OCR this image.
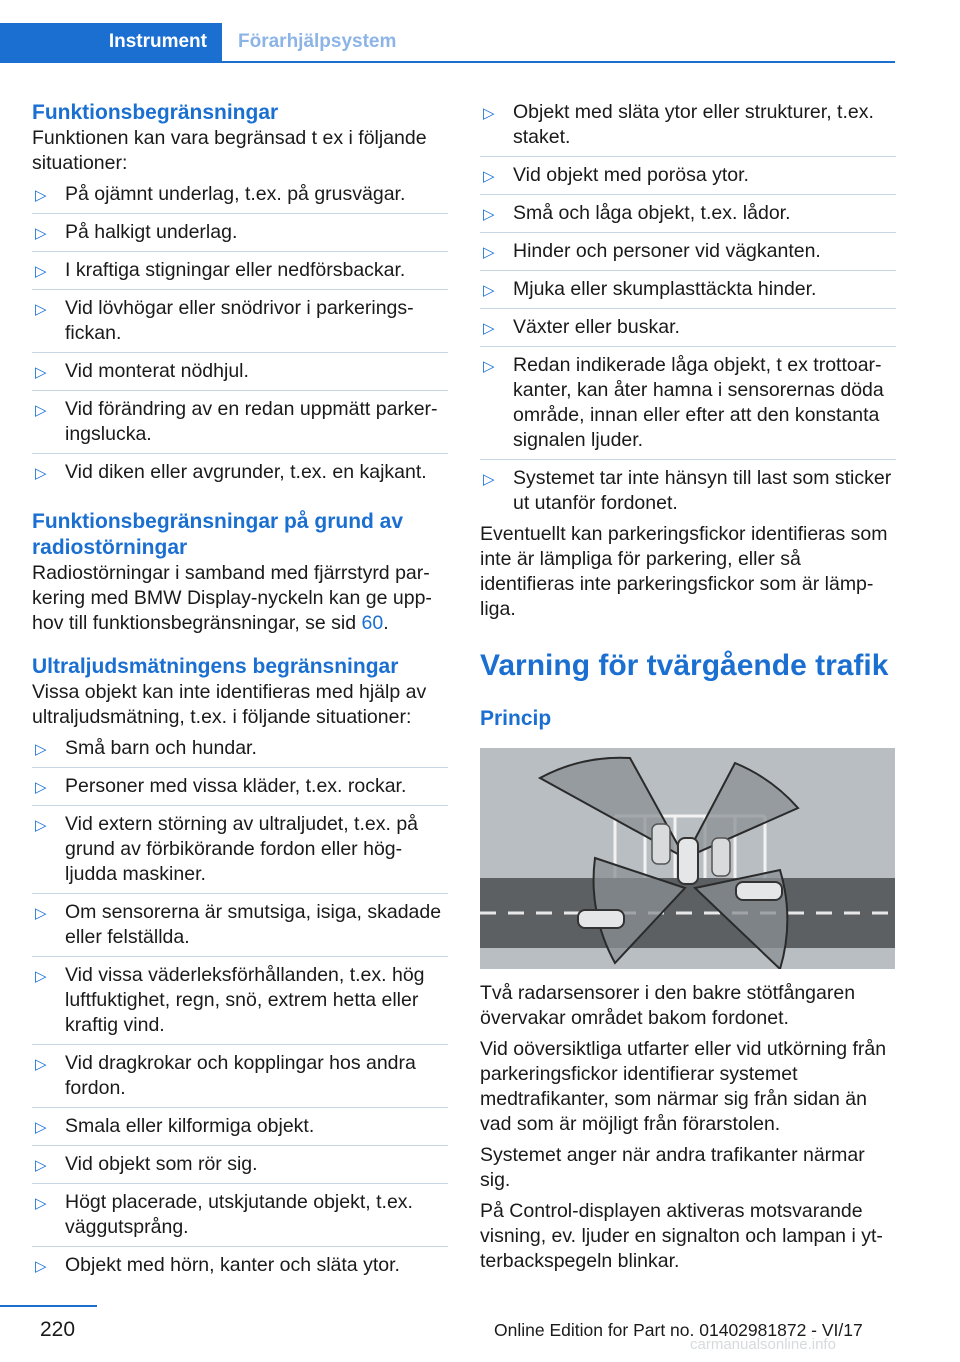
Instrument	Förarhjälpsystem
Funktionsbegränsningar

Funktionen kan vara begränsad t ex i följande situationer:

▷ På ojämnt underlag, t.ex. på grusvägar.
▷ På halkigt underlag.
▷ I kraftiga stigningar eller nedförsbackar.
▷ Vid lövhögar eller snödrivor i parkerings‐fickan.
▷ Vid monterat nödhjul.
▷ Vid förändring av en redan uppmätt parker‐ingslucka.
▷ Vid diken eller avgrunder, t.ex. en kajkant.
Funktionsbegränsningar på grund av radiostörningar

Radiostörningar i samband med fjärrstyrd par‐kering med BMW Display-nyckeln kan ge upp‐hov till funktionsbegränsningar, se sid 60.

Ultraljudsmätningens begränsningar

Vissa objekt kan inte identifieras med hjälp av ultraljudsmätning, t.ex. i följande situationer:

▷ Små barn och hundar.
▷ Personer med vissa kläder, t.ex. rockar.
▷ Vid extern störning av ultraljudet, t.ex. på grund av förbikörande fordon eller hög‐ljudda maskiner.
▷ Om sensorerna är smutsiga, isiga, skadade eller felställda.
▷ Vid vissa väderleksförhållanden, t.ex. hög luftfuktighet, regn, snö, extrem hetta eller kraftig vind.
▷ Vid dragkrokar och kopplingar hos andra fordon.
▷ Smala eller kilformiga objekt.
▷ Vid objekt som rör sig.
▷ Högt placerade, utskjutande objekt, t.ex. väggutsprång.
▷ Objekt med hörn, kanter och släta ytor.
▷ Objekt med släta ytor eller strukturer, t.ex. staket.
▷ Vid objekt med porösa ytor.
▷ Små och låga objekt, t.ex. lådor.
▷ Hinder och personer vid vägkanten.
▷ Mjuka eller skumplasttäckta hinder.
▷ Växter eller buskar.
▷ Redan indikerade låga objekt, t ex trottoar‐kanter, kan åter hamna i sensorernas döda område, innan eller efter att den konstanta signalen ljuder.
▷ Systemet tar inte hänsyn till last som sticker ut utanför fordonet.

Eventuellt kan parkeringsfickor identifieras som inte är lämpliga för parkering, eller så identifieras inte parkeringsfickor som är lämp‐liga.

Varning för tvärgående trafik
Princip

Två radarsensorer i den bakre stötfångaren övervakar området bakom fordonet.

Vid oöversiktliga utfarter eller vid utkörning från parkeringsfickor identifierar systemet medtrafikanter, som närmar sig från sidan än vad som är möjligt från förarstolen.

Systemet anger när andra trafikanter närmar sig.

På Control-displayen aktiveras motsvarande visning, ev. ljuder en signalton och lampan i yt‐terbackspegeln blinkar.

220	Online Edition for Part no. 01402981872 - VI/17
carmanualsonline.info
